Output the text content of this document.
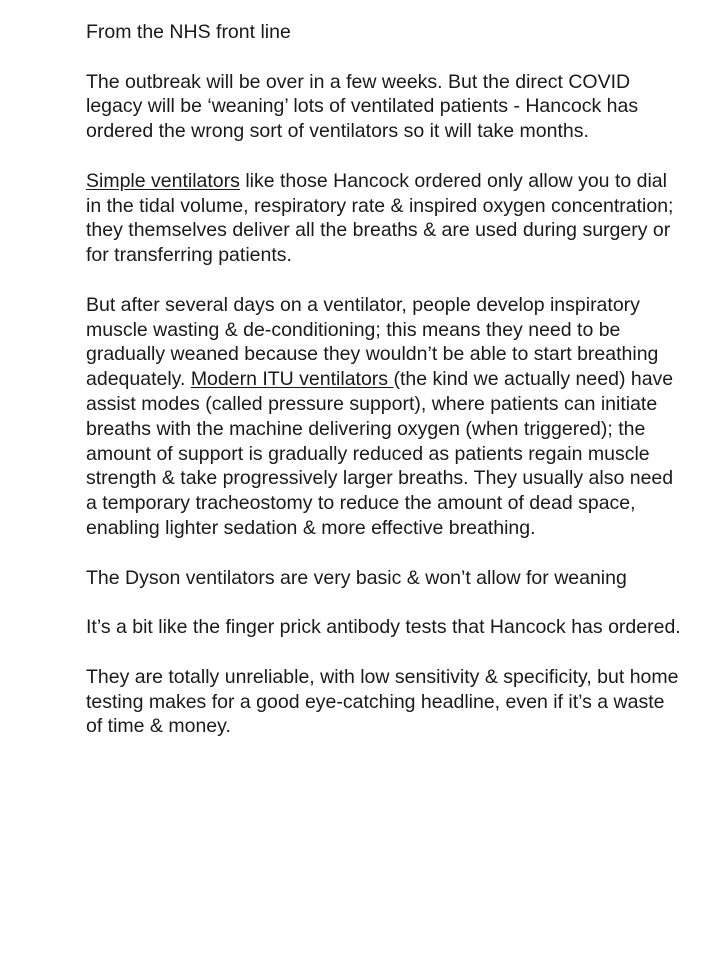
From the NHS front line

The outbreak will be over in a few weeks. But the direct COVID legacy will be ‘weaning’ lots of ventilated patients - Hancock has ordered the wrong sort of ventilators so it will take months.

Simple ventilators like those Hancock ordered only allow you to dial in the tidal volume, respiratory rate & inspired oxygen concentration; they themselves deliver all the breaths & are used during surgery or for transferring patients.

But after several days on a ventilator, people develop inspiratory muscle wasting & de-conditioning; this means they need to be gradually weaned because they wouldn’t be able to start breathing adequately. Modern ITU ventilators (the kind we actually need) have assist modes (called pressure support), where patients can initiate breaths with the machine delivering oxygen (when triggered); the amount of support is gradually reduced as patients regain muscle strength & take progressively larger breaths. They usually also need a temporary tracheostomy to reduce the amount of dead space, enabling lighter sedation & more effective breathing.

The Dyson ventilators are very basic & won’t allow for weaning

It’s a bit like the finger prick antibody tests that Hancock has ordered.

They are totally unreliable, with low sensitivity & specificity, but home testing makes for a good eye-catching headline, even if it’s a waste of time & money.
